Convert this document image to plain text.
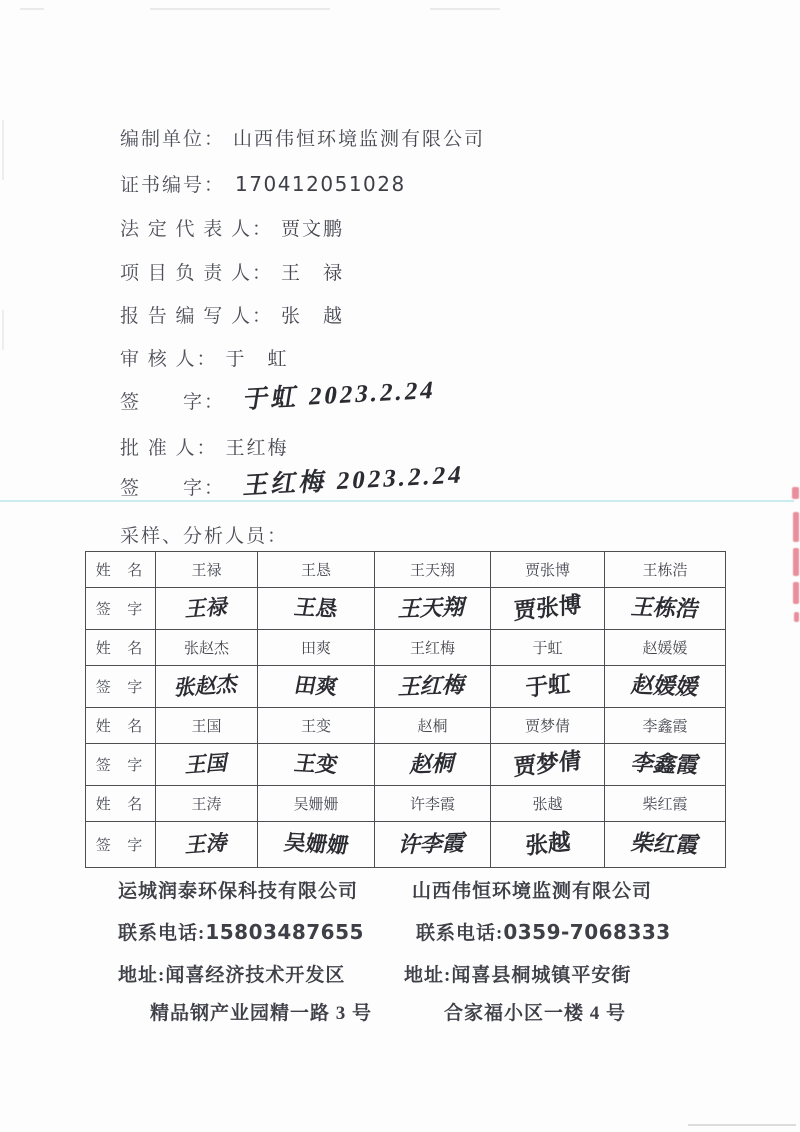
编制单位： 山西伟恒环境监测有限公司
证书编号： 170412051028
法 定 代 表 人： 贾文鹏
项 目 负 责 人： 王　禄
报 告 编 写 人： 张　越
审 核 人： 于　虹
签　　字： 于虹 2023.2.24
批 准 人： 王红梅
签　　字： 王红梅 2023.2.24
采样、分析人员：
姓  名	王禄	王恳	王天翔	贾张博	王栋浩
签  字	王禄	王恳	王天翔	贾张博	王栋浩
姓  名	张赵杰	田爽	王红梅	于虹	赵媛媛
签  字	张赵杰	田爽	王红梅	于虹	赵媛媛
姓  名	王国	王变	赵桐	贾梦倩	李鑫霞
签  字	王国	王变	赵桐	贾梦倩	李鑫霞
姓  名	王涛	吴姗姗	许李霞	张越	柴红霞
签  字	王涛	吴姗姗	许李霞	张越	柴红霞
运城润泰环保科技有限公司
联系电话: 15803487655
地址: 闻喜经济技术开发区
精品钢产业园精一路 3 号
山西伟恒环境监测有限公司
联系电话: 0359-7068333
地址: 闻喜县桐城镇平安街
合家福小区一楼 4 号
